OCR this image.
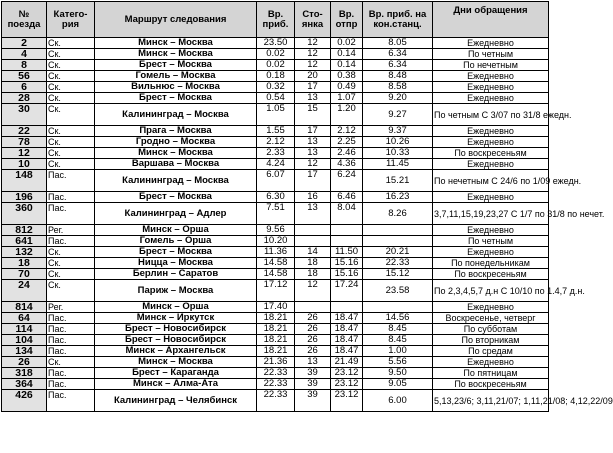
№ поезда	Катего-рия	Маршрут следования	Вр. приб.	Сто-янка	Вр. отпр	Вр. приб. на кон.станц.	Дни обращения
2	Ск.	Минск – Москва	23.50	12	0.02	8.05	Ежедневно
4	Ск.	Минск – Москва	0.02	12	0.14	6.34	По четным
8	Ск.	Брест – Москва	0.02	12	0.14	6.34	По нечетным
56	Ск.	Гомель – Москва	0.18	20	0.38	8.48	Ежедневно
6	Ск.	Вильнюс – Москва	0.32	17	0.49	8.58	Ежедневно
28	Ск.	Брест – Москва	0.54	13	1.07	9.20	Ежедневно
30	Ск.	Калининград – Москва	1.05	15	1.20	9.27	По четным С 3/07 по 31/8 ежедн.
22	Ск.	Прага – Москва	1.55	17	2.12	9.37	Ежедневно
78	Ск.	Гродно – Москва	2.12	13	2.25	10.26	Ежедневно
12	Ск.	Минск – Москва	2.33	13	2.46	10.33	По воскресеньям
10	Ск.	Варшава – Москва	4.24	12	4.36	11.45	Ежедневно
148	Пас.	Калининград – Москва	6.07	17	6.24	15.21	По нечетным С 24/6 по 1/09 ежедн.
196	Пас.	Брест – Москва	6.30	16	6.46	16.23	Ежедневно
360	Пас.	Калининград – Адлер	7.51	13	8.04	8.26	3,7,11,15,19,23,27 С 1/7 по 31/8 по нечет.
812	Рег.	Минск – Орша	9.56				Ежедневно
641	Пас.	Гомель – Орша	10.20				По четным
132	Ск.	Брест – Москва	11.36	14	11.50	20.21	Ежедневно
18	Ск.	Ницца – Москва	14.58	18	15.16	22.33	По понедельникам
70	Ск.	Берлин – Саратов	14.58	18	15.16	15.12	По воскресеньям
24	Ск.	Париж – Москва	17.12	12	17.24	23.58	По 2,3,4,5,7 д.н С 10/10 по 1.4,7 д.н.
814	Рег.	Минск – Орша	17.40				Ежедневно
64	Пас.	Минск – Иркутск	18.21	26	18.47	14.56	Воскресенье, четверг
114	Пас.	Брест – Новосибирск	18.21	26	18.47	8.45	По субботам
104	Пас.	Брест – Новосибирск	18.21	26	18.47	8.45	По вторникам
134	Пас.	Минск – Архангельск	18.21	26	18.47	1.00	По средам
26	Ск.	Минск – Москва	21.36	13	21.49	5.56	Ежедневно
318	Пас.	Брест – Караганда	22.33	39	23.12	9.50	По пятницам
364	Пас.	Минск – Алма-Ата	22.33	39	23.12	9.05	По воскресеньям
426	Пас.	Калининград – Челябинск	22.33	39	23.12	6.00	5,13,23/6; 3,11,21/07; 1,11,21/08; 4,12,22/09
